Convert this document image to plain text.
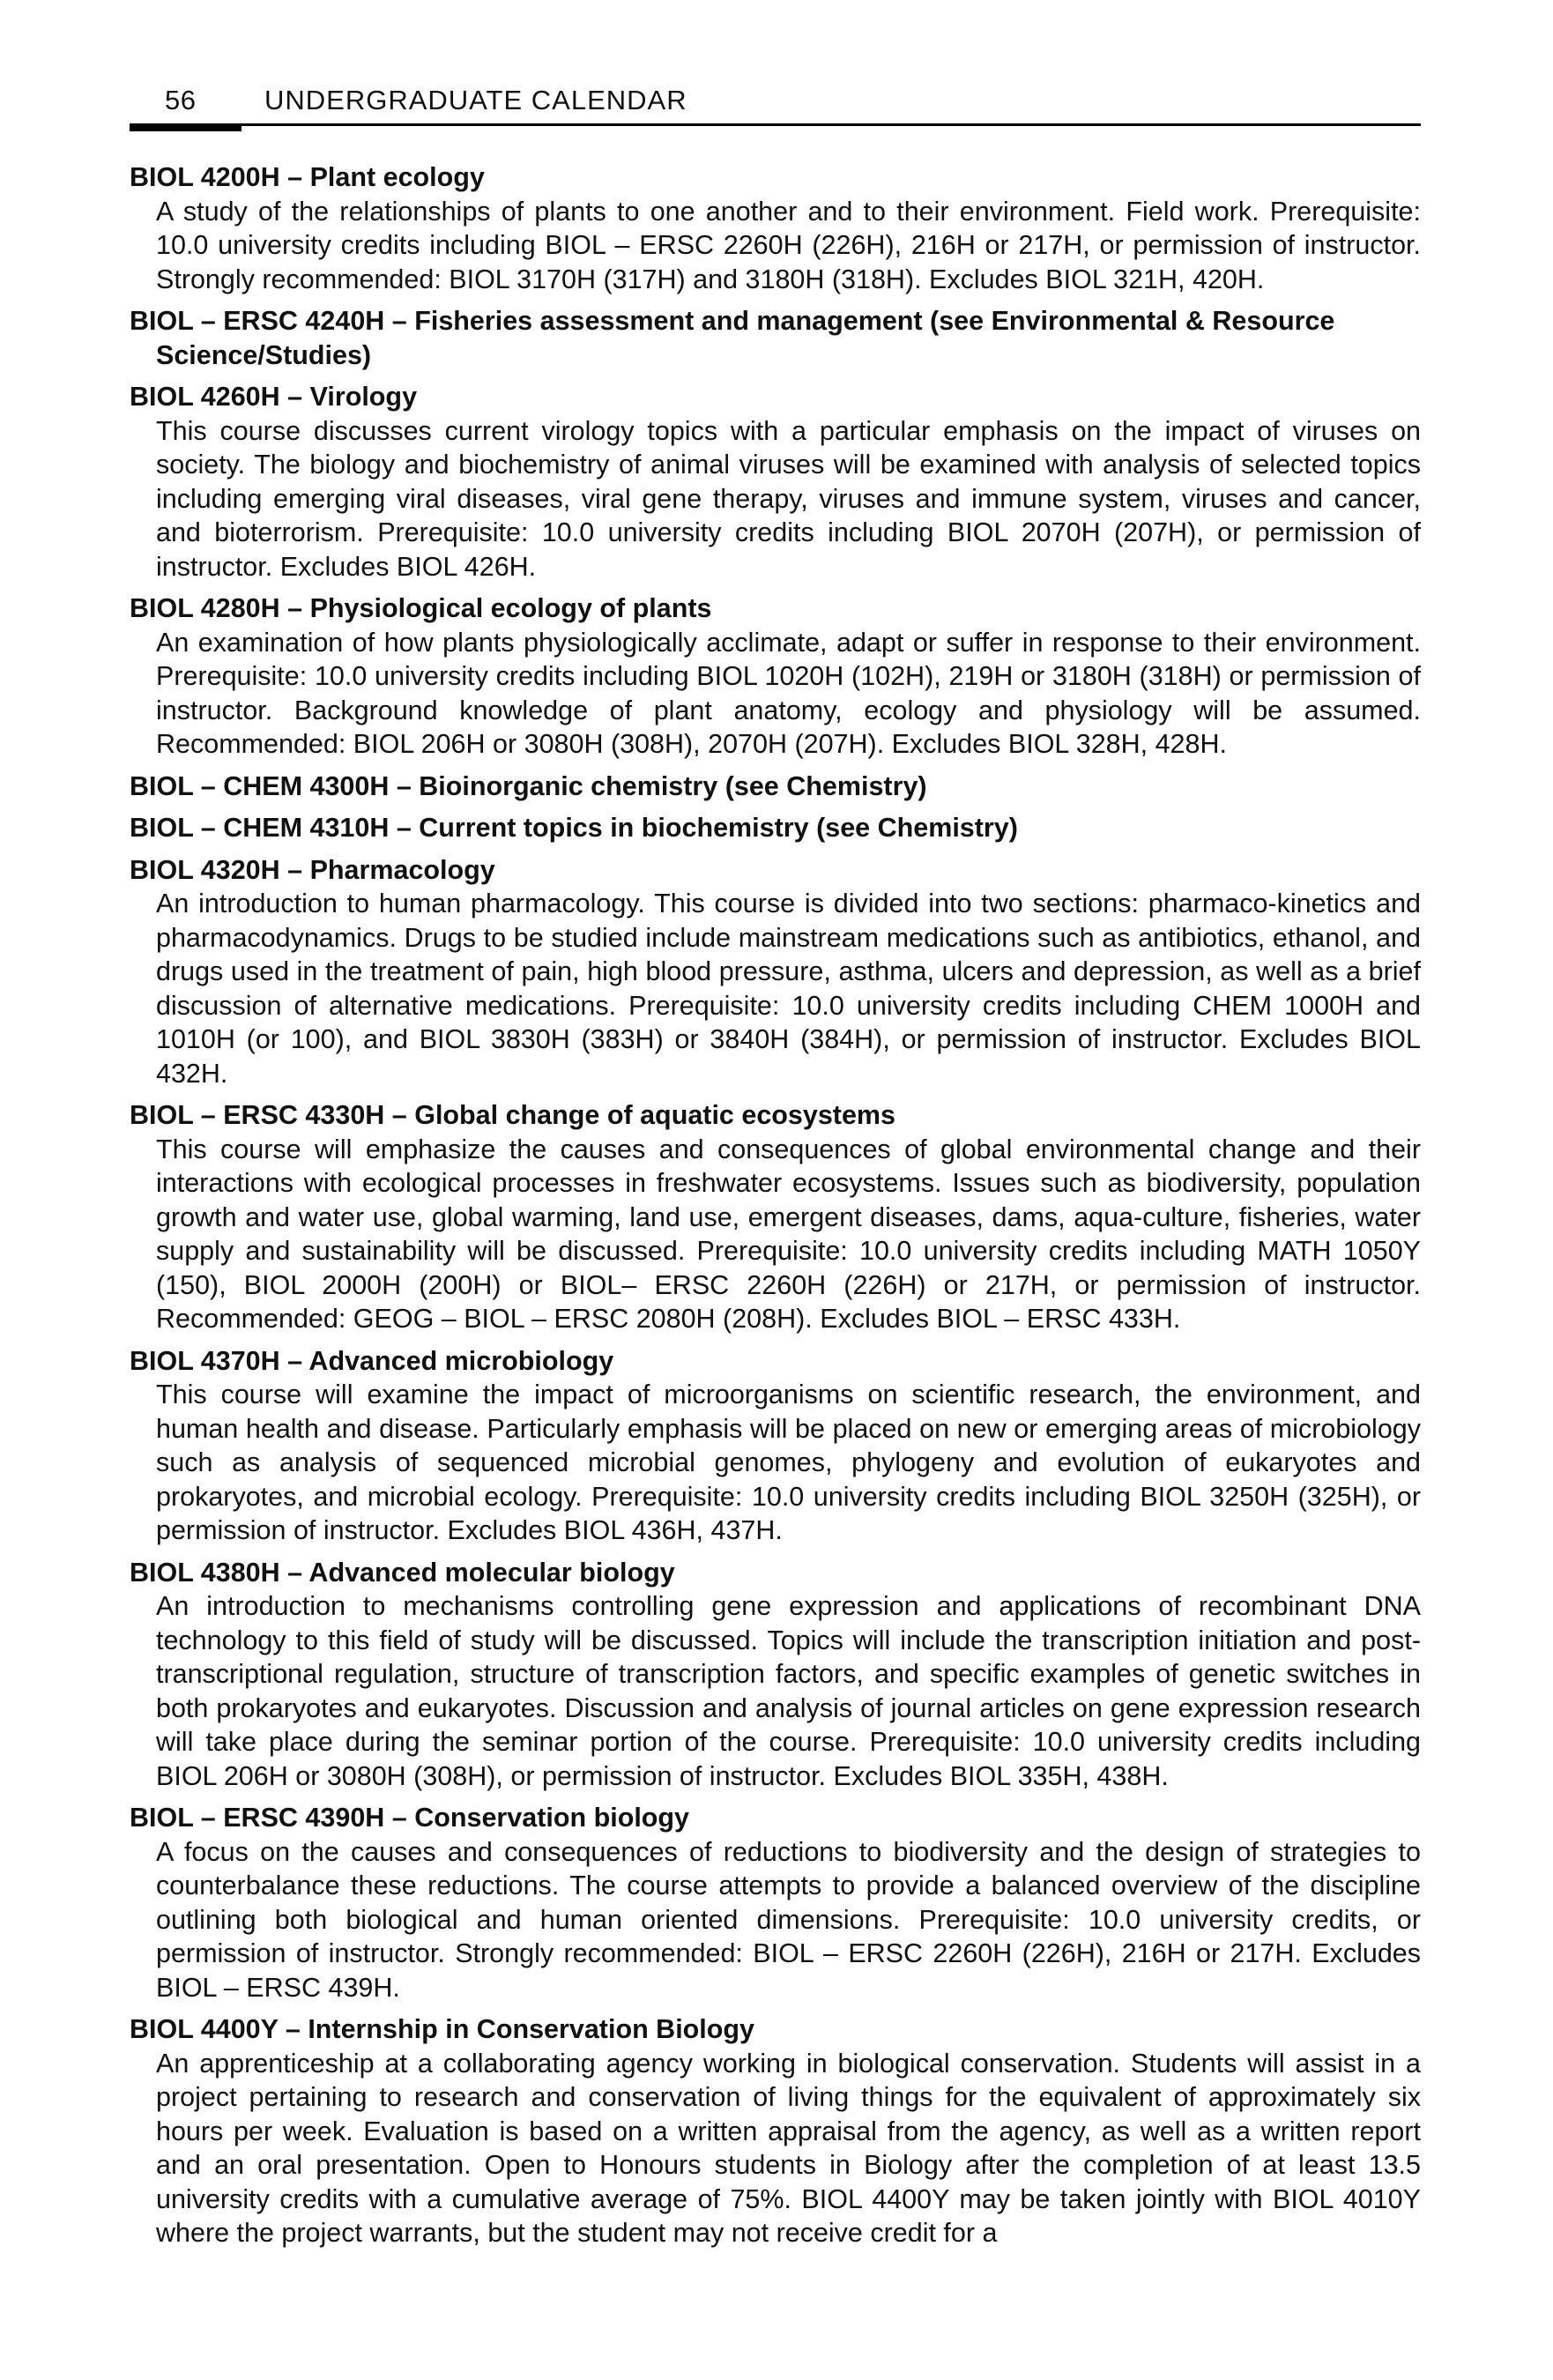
56	UNDERGRADUATE CALENDAR

BIOL 4200H – Plant ecology

A study of the relationships of plants to one another and to their environment. Field work. Prerequisite: 10.0 university credits including BIOL – ERSC 2260H (226H), 216H or 217H, or permission of instructor. Strongly recommended: BIOL 3170H (317H) and 3180H (318H). Excludes BIOL 321H, 420H.

BIOL – ERSC 4240H – Fisheries assessment and management (see Environmental & Resource Science/Studies)

BIOL 4260H – Virology

This course discusses current virology topics with a particular emphasis on the impact of viruses on society. The biology and biochemistry of animal viruses will be examined with analysis of selected topics including emerging viral diseases, viral gene therapy, viruses and immune system, viruses and cancer, and bioterrorism. Prerequisite: 10.0 university credits including BIOL 2070H (207H), or permission of instructor. Excludes BIOL 426H.

BIOL 4280H – Physiological ecology of plants

An examination of how plants physiologically acclimate, adapt or suffer in response to their environment. Prerequisite: 10.0 university credits including BIOL 1020H (102H), 219H or 3180H (318H) or permission of instructor. Background knowledge of plant anatomy, ecology and physiology will be assumed. Recommended: BIOL 206H or 3080H (308H), 2070H (207H). Excludes BIOL 328H, 428H.

BIOL – CHEM 4300H – Bioinorganic chemistry (see Chemistry)

BIOL – CHEM 4310H – Current topics in biochemistry (see Chemistry)

BIOL 4320H – Pharmacology

An introduction to human pharmacology. This course is divided into two sections: pharmaco-kinetics and pharmacodynamics. Drugs to be studied include mainstream medications such as antibiotics, ethanol, and drugs used in the treatment of pain, high blood pressure, asthma, ulcers and depression, as well as a brief discussion of alternative medications. Prerequisite: 10.0 university credits including CHEM 1000H and 1010H (or 100), and BIOL 3830H (383H) or 3840H (384H), or permission of instructor. Excludes BIOL 432H.

BIOL – ERSC 4330H – Global change of aquatic ecosystems

This course will emphasize the causes and consequences of global environmental change and their interactions with ecological processes in freshwater ecosystems. Issues such as biodiversity, population growth and water use, global warming, land use, emergent diseases, dams, aqua-culture, fisheries, water supply and sustainability will be discussed. Prerequisite: 10.0 university credits including MATH 1050Y (150), BIOL 2000H (200H) or BIOL– ERSC 2260H (226H) or 217H, or permission of instructor. Recommended: GEOG – BIOL – ERSC 2080H (208H). Excludes BIOL – ERSC 433H.

BIOL 4370H – Advanced microbiology

This course will examine the impact of microorganisms on scientific research, the environment, and human health and disease. Particularly emphasis will be placed on new or emerging areas of microbiology such as analysis of sequenced microbial genomes, phylogeny and evolution of eukaryotes and prokaryotes, and microbial ecology. Prerequisite: 10.0 university credits including BIOL 3250H (325H), or permission of instructor. Excludes BIOL 436H, 437H.

BIOL 4380H – Advanced molecular biology

An introduction to mechanisms controlling gene expression and applications of recombinant DNA technology to this field of study will be discussed. Topics will include the transcription initiation and post-transcriptional regulation, structure of transcription factors, and specific examples of genetic switches in both prokaryotes and eukaryotes. Discussion and analysis of journal articles on gene expression research will take place during the seminar portion of the course. Prerequisite: 10.0 university credits including BIOL 206H or 3080H (308H), or permission of instructor. Excludes BIOL 335H, 438H.

BIOL – ERSC 4390H – Conservation biology

A focus on the causes and consequences of reductions to biodiversity and the design of strategies to counterbalance these reductions. The course attempts to provide a balanced overview of the discipline outlining both biological and human oriented dimensions. Prerequisite: 10.0 university credits, or permission of instructor. Strongly recommended: BIOL – ERSC 2260H (226H), 216H or 217H. Excludes BIOL – ERSC 439H.

BIOL 4400Y – Internship in Conservation Biology

An apprenticeship at a collaborating agency working in biological conservation. Students will assist in a project pertaining to research and conservation of living things for the equivalent of approximately six hours per week. Evaluation is based on a written appraisal from the agency, as well as a written report and an oral presentation. Open to Honours students in Biology after the completion of at least 13.5 university credits with a cumulative average of 75%. BIOL 4400Y may be taken jointly with BIOL 4010Y where the project warrants, but the student may not receive credit for a
